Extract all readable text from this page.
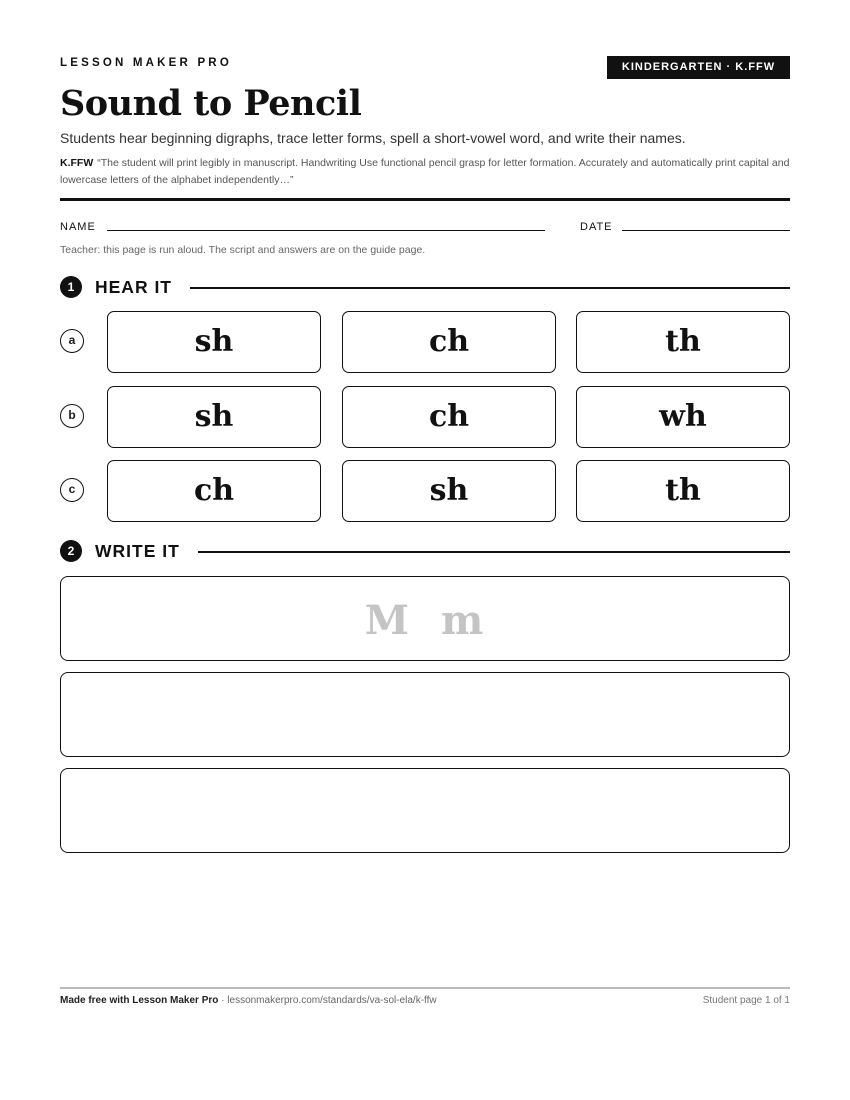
LESSON MAKER PRO	KINDERGARTEN · K.FFW
Sound to Pencil
Students hear beginning digraphs, trace letter forms, spell a short-vowel word, and write their names.
K.FFW “The student will print legibly in manuscript. Handwriting Use functional pencil grasp for letter formation. Accurately and automatically print capital and lowercase letters of the alphabet independently…”
NAME	DATE
Teacher: this page is run aloud. The script and answers are on the guide page.
1	HEAR IT
a	sh	ch	th
b	sh	ch	wh
c	ch	sh	th
2	WRITE IT
M m
Made free with Lesson Maker Pro · lessonmakerpro.com/standards/va-sol-ela/k-ffw	Student page 1 of 1
